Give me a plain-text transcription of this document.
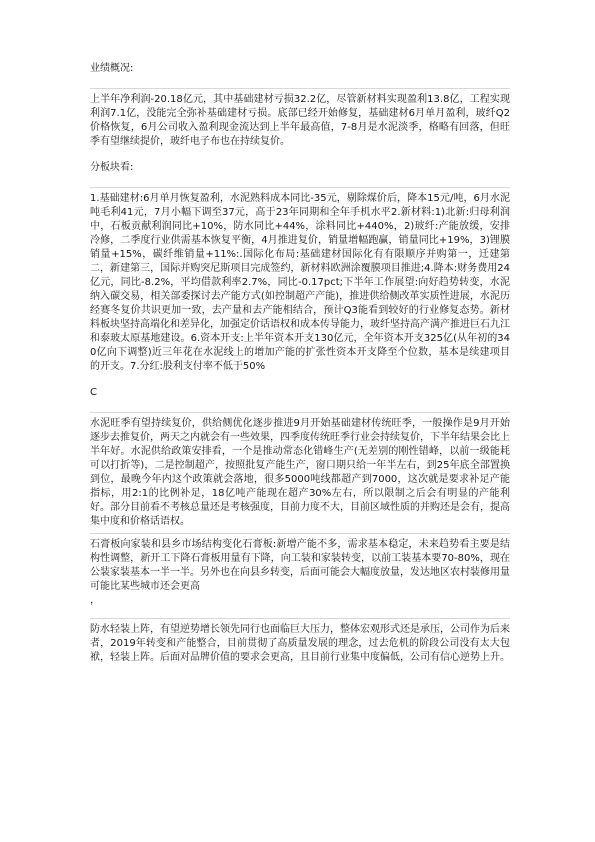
业绩概况:

上半年净利润-20.18亿元，其中基础建材亏损32.2亿，尽管新材料实现盈利13.8亿，工程实现利润7.1亿，没能完全弥补基础建材亏损。底部已经开始修复，基础建材6月单月盈利，玻纤Q2价格恢复，6月公司收入盈利现金流达到上半年最高值，7-8月是水泥淡季，格略有回落，但旺季有望继续提价，玻纤电子布也在持续复价。

分板块看:

1.基础建材:6月单月恢复盈利，水泥熟料成本同比-35元，剔除煤价后，降本15元/吨，6月水泥吨毛利41元，7月小幅下调至37元，高于23年同期和全年手机水平2.新材料:1)北新:归母利润中，石板贡献利润同比+10%，防水同比+44%，涂料同比+440%，2)玻纤:产能放缓，安排冷修，二季度行业供需基本恢复平衡，4月推进复价，销量增幅跑赢，销量同比+19%，3)锂膜销量+15%，碳纤维销量+11%:.国际化布局:基础建材国际化有有限顺序并购第一，迁建第二，新建第三，国际并购突尼斯项目完成签约，新材料欧洲涂覆膜项目推进;4.降本:财务费用24亿元，同比-8.2%，平均借款利率2.7%，同比-0.17pct;下半年工作展望:向好趋势转变，水泥纳入碳交易，相关部委探讨去产能方式(如控制超产产能)，推进供给侧改革实质性进展，水泥历经赛冬复价共识更加一致，去产量和去产能相结合，预计Q3能看到较好的行业修复态势。新材料板块坚持高端化和差异化，加强定价话语权和成本传导能力，玻纤坚持高产满产推进巨石九江和泰玻太原基地建设。6.资本开支:上半年资本开支130亿元，全年资本开支325亿(从年初的340亿向下调整)近三年花在水泥线上的增加产能的扩张性资本开支降至个位数，基本是续建项目的开支。7.分红:股利支付率不低于50%

C

水泥旺季有望持续复价，供给侧优化逐步推进9月开始基础建材传统旺季，一般操作是9月开始逐步去推复价，两天之内就会有一些效果，四季度传统旺季行业会持续复价，下半年结果会比上半年好。水泥供给政策安排看，一个是推动常态化错峰生产(无差别的刚性错峰，以前一级能耗可以打折等)，二是控制超产，按照批复产能生产，窗口期只给一年半左右，到25年底全部置换到位，最晚今年内这个政策就会落地，很多5000吨线都超产到7000，这次就是要求补足产能指标，用2:1的比例补足，18亿吨产能现在超产30%左右，所以限制之后会有明显的产能利好。部分目前看不考核总量还是考核强度，目前力度不大，目前区域性质的并购还是会有，提高集中度和价格话语权。

石膏板向家装和县乡市场结构变化石膏板:新增产能不多，需求基本稳定，未来趋势看主要是结构性调整，新开工下降石膏板用量有下降，向工装和家装转变，以前工装基本要70-80%，现在公装家装基本一半一半。另外也在向县乡转变，后面可能会大幅度放量，发达地区农村装修用量可能比某些城市还会更高

，

防水轻装上阵，有望逆势增长领先同行也面临巨大压力，整体宏观形式还是承压，公司作为后来者，2019年转变和产能整合，目前贯彻了高质量发展的理念，过去危机的阶段公司没有太大包袱，轻装上阵。后面对品牌价值的要求会更高，且目前行业集中度偏低，公司有信心逆势上升。
